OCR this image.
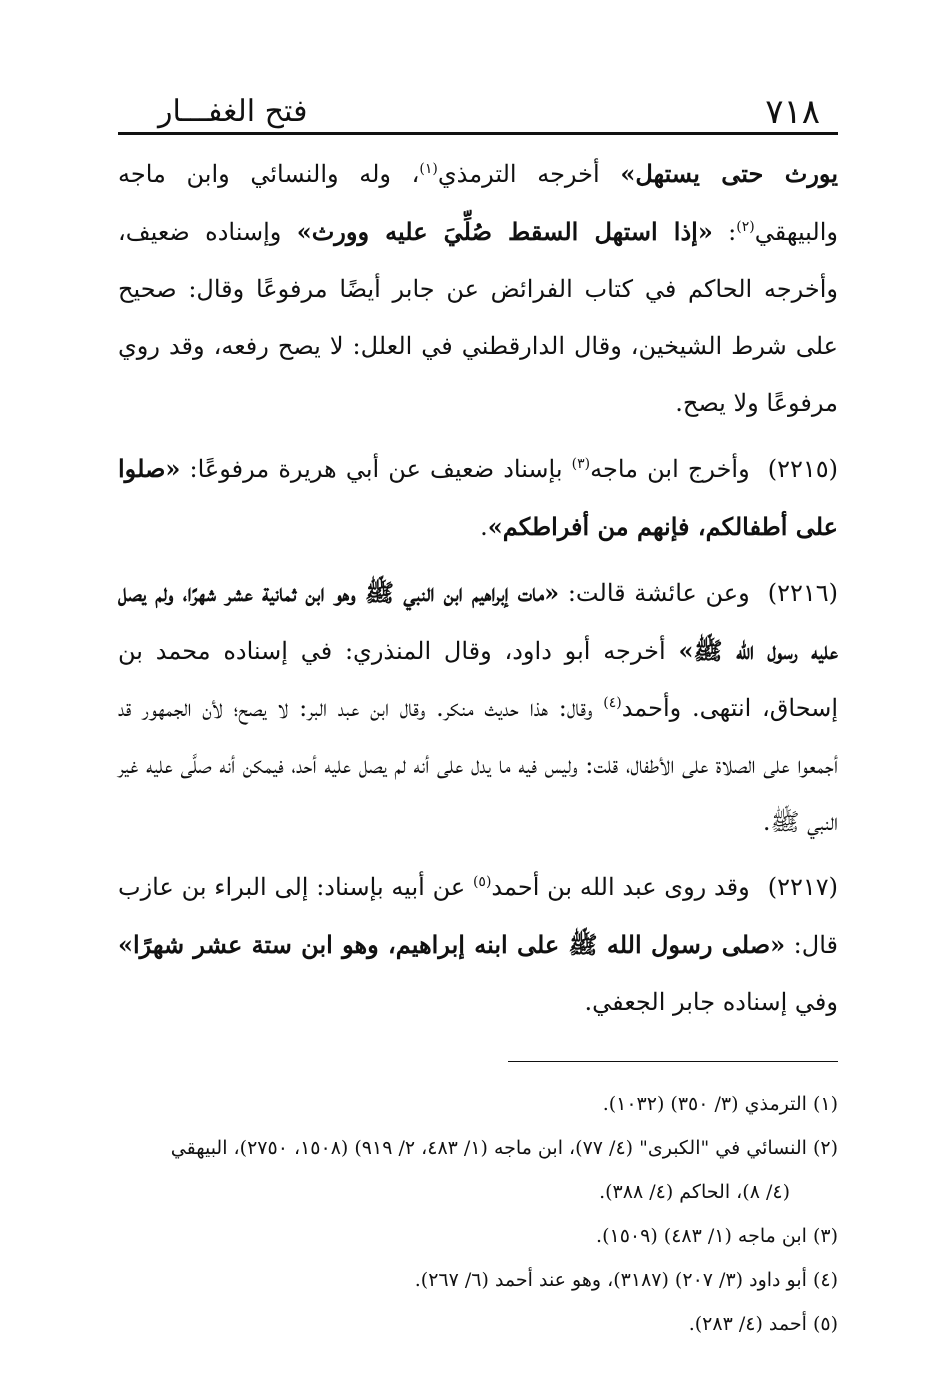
٧١٨
فتح الغفـــار

يورث حتى يستهل» أخرجه الترمذي$^{(١)}$، وله والنسائي وابن ماجه والبيهقي$^{(٢)}$: «إذا استهل السقط صُلِّيَ عليه وورث» وإسناده ضعيف، وأخرجه الحاكم في كتاب الفرائض عن جابر أيضًا مرفوعًا وقال: صحيح على شرط الشيخين، وقال الدارقطني في العلل: لا يصح رفعه، وقد روي مرفوعًا ولا يصح.

(٢٢١٥)وأخرج ابن ماجه$^{(٣)}$ بإسناد ضعيف عن أبي هريرة مرفوعًا: «صلوا على أطفالكم، فإنهم من أفراطكم».

(٢٢١٦)وعن عائشة قالت: «مات إبراهيم ابن النبي ﷺ وهو ابن ثمانية عشر شهرًا، ولم يصل عليه رسول الله ﷺ» أخرجه أبو داود، وقال المنذري: في إسناده محمد بن إسحاق، انتهى. وأحمد$^{(٤)}$ وقال: هذا حديث منكر. وقال ابن عبد البر: لا يصح؛ لأن الجمهور قد أجمعوا على الصلاة على الأطفال، قلت: وليس فيه ما يدل على أنه لم يصل عليه أحد، فيمكن أنه صلَّى عليه غير النبي ﷺ.

(٢٢١٧)وقد روى عبد الله بن أحمد$^{(٥)}$ عن أبيه بإسناد: إلى البراء بن عازب قال: «صلى رسول الله ﷺ على ابنه إبراهيم، وهو ابن ستة عشر شهرًا» وفي إسناده جابر الجعفي.

(١) الترمذي (٣/ ٣٥٠) (١٠٣٢).

(٢) النسائي في "الكبرى" (٤/ ٧٧)، ابن ماجه (١/ ٤٨٣، ٢/ ٩١٩) (١٥٠٨، ٢٧٥٠)، البيهقي

(٤/ ٨)، الحاكم (٤/ ٣٨٨).

(٣) ابن ماجه (١/ ٤٨٣) (١٥٠٩).

(٤) أبو داود (٣/ ٢٠٧) (٣١٨٧)، وهو عند أحمد (٦/ ٢٦٧).

(٥) أحمد (٤/ ٢٨٣).
